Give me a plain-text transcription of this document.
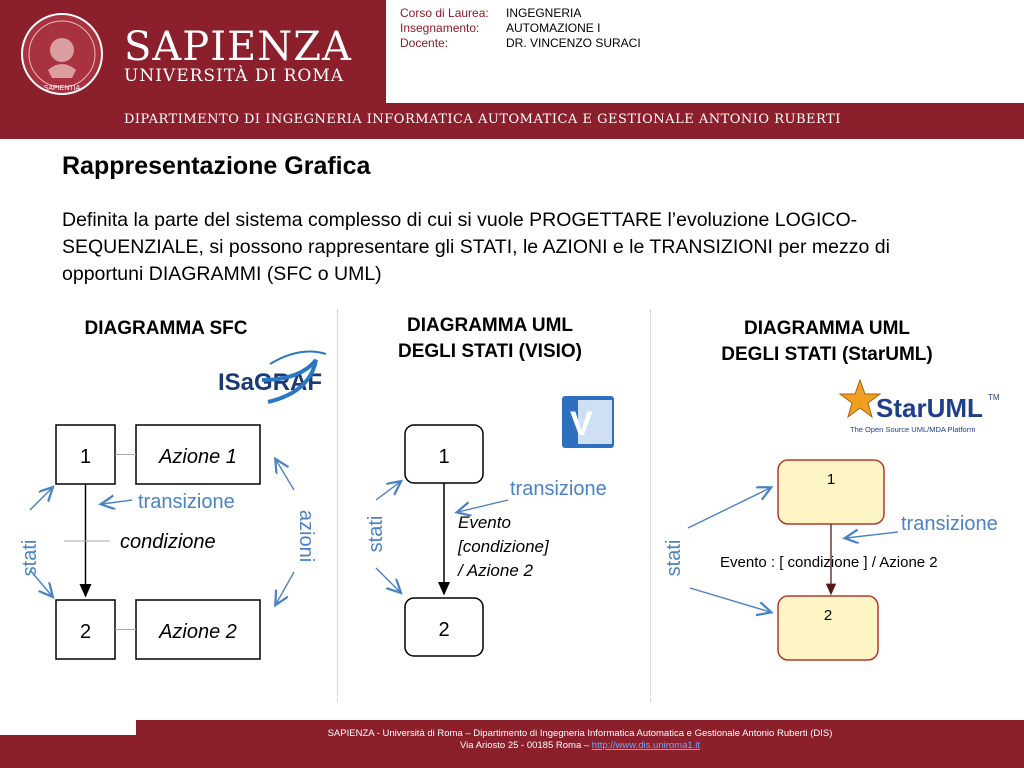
SAPIENTIA
SAPIENZA
UNIVERSITÀ DI ROMA
Corso di Laurea:	INGEGNERIA
Insegnamento:	AUTOMAZIONE I
Docente:	DR. VINCENZO SURACI
DIPARTIMENTO DI INGEGNERIA INFORMATICA AUTOMATICA E GESTIONALE ANTONIO RUBERTI
Rappresentazione Grafica
Definita la parte del sistema complesso di cui si vuole PROGETTARE l’evoluzione LOGICO-SEQUENZIALE, si possono rappresentare gli STATI, le AZIONI e le TRANSIZIONI per mezzo di opportuni DIAGRAMMI (SFC o UML)
DIAGRAMMA SFC	DIAGRAMMA UML
DEGLI STATI (VISIO)
DIAGRAMMA UML
DEGLI STATI (StarUML)
ISaGRAF
1	Azione 1
2	Azione 2
transizione
condizione
stati	azioni
V
1
2
transizione
Evento
[condizione]
/ Azione 2
stati
StarUML TM
The Open Source UML/MDA Platform
1
2
Evento : [ condizione ] / Azione 2
transizione
stati
SAPIENZA - Università di Roma – Dipartimento di Ingegneria Informatica Automatica e Gestionale Antonio Ruberti (DIS)
Via Ariosto 25 - 00185 Roma – http://www.dis.uniroma1.it
